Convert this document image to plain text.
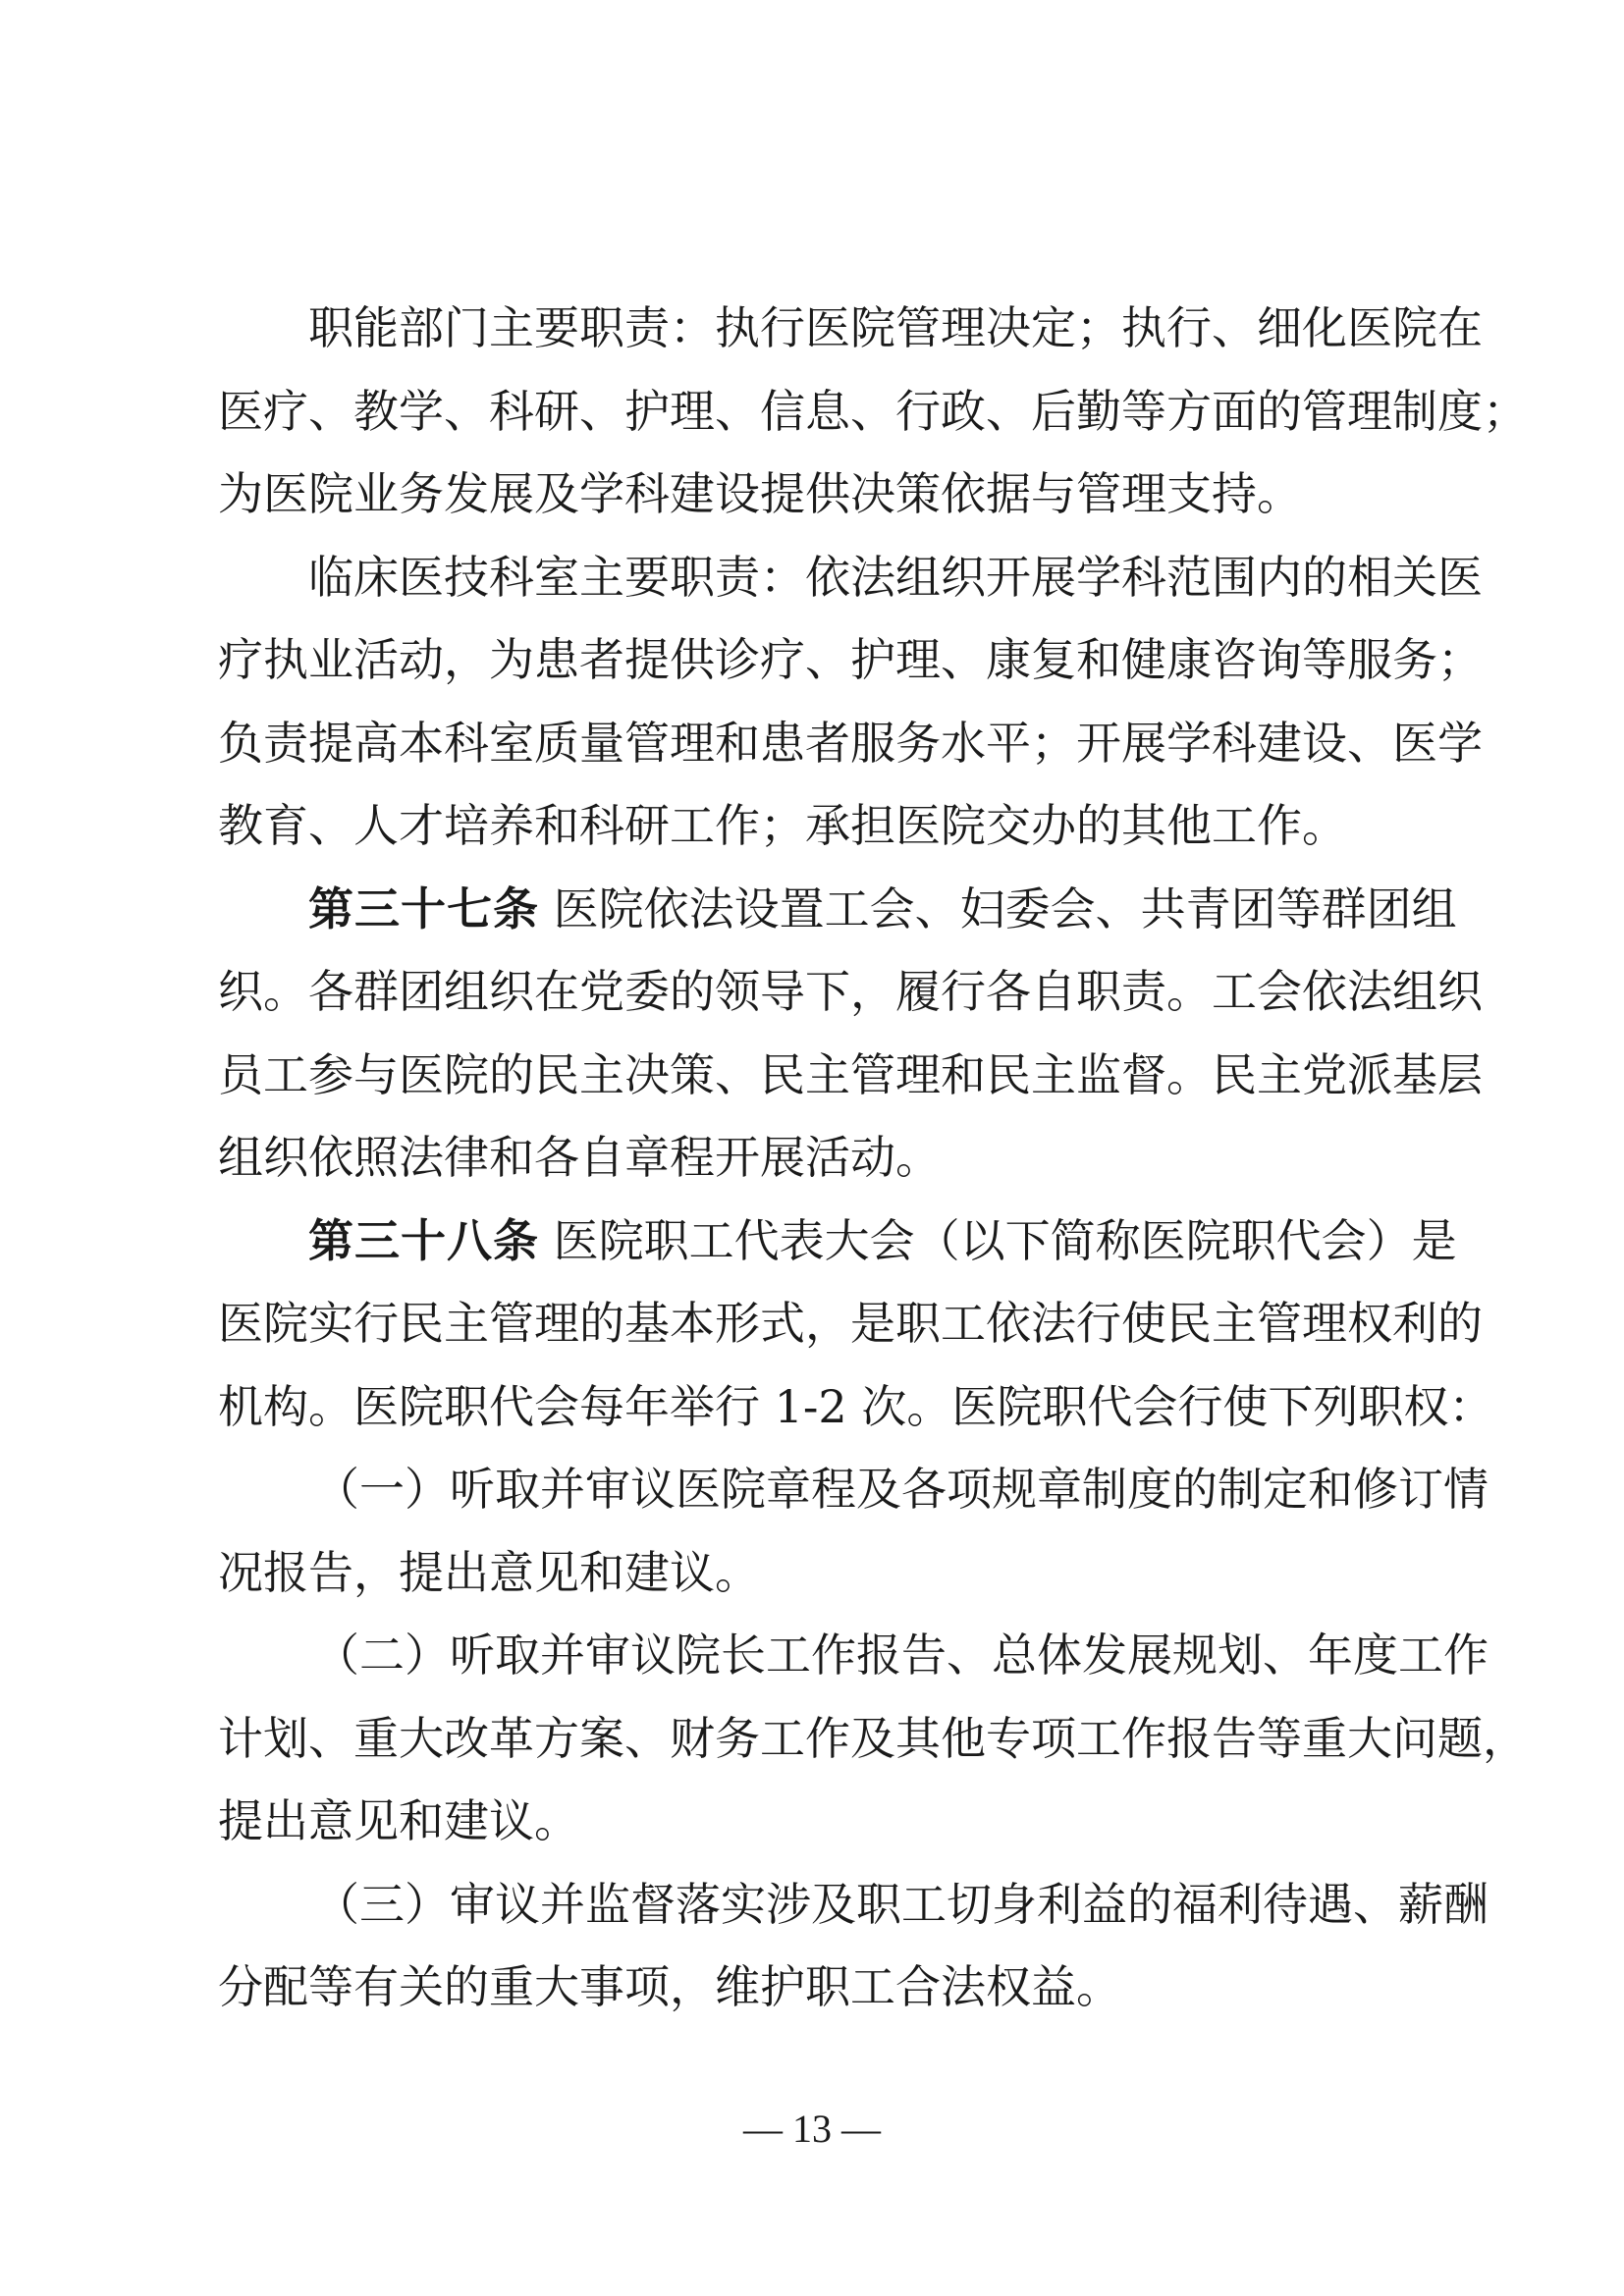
职能部门主要职责：执行医院管理决定；执行、细化医院在
医疗、教学、科研、护理、信息、行政、后勤等方面的管理制度；
为医院业务发展及学科建设提供决策依据与管理支持。
临床医技科室主要职责：依法组织开展学科范围内的相关医
疗执业活动，为患者提供诊疗、护理、康复和健康咨询等服务；
负责提高本科室质量管理和患者服务水平；开展学科建设、医学
教育、人才培养和科研工作；承担医院交办的其他工作。
第三十七条 医院依法设置工会、妇委会、共青团等群团组
织。各群团组织在党委的领导下，履行各自职责。工会依法组织
员工参与医院的民主决策、民主管理和民主监督。民主党派基层
组织依照法律和各自章程开展活动。
第三十八条 医院职工代表大会（以下简称医院职代会）是
医院实行民主管理的基本形式，是职工依法行使民主管理权利的
机构。医院职代会每年举行 1-2 次。医院职代会行使下列职权：
（一）听取并审议医院章程及各项规章制度的制定和修订情
况报告，提出意见和建议。
（二）听取并审议院长工作报告、总体发展规划、年度工作
计划、重大改革方案、财务工作及其他专项工作报告等重大问题，
提出意见和建议。
（三）审议并监督落实涉及职工切身利益的福利待遇、薪酬
分配等有关的重大事项，维护职工合法权益。
— 13 —
